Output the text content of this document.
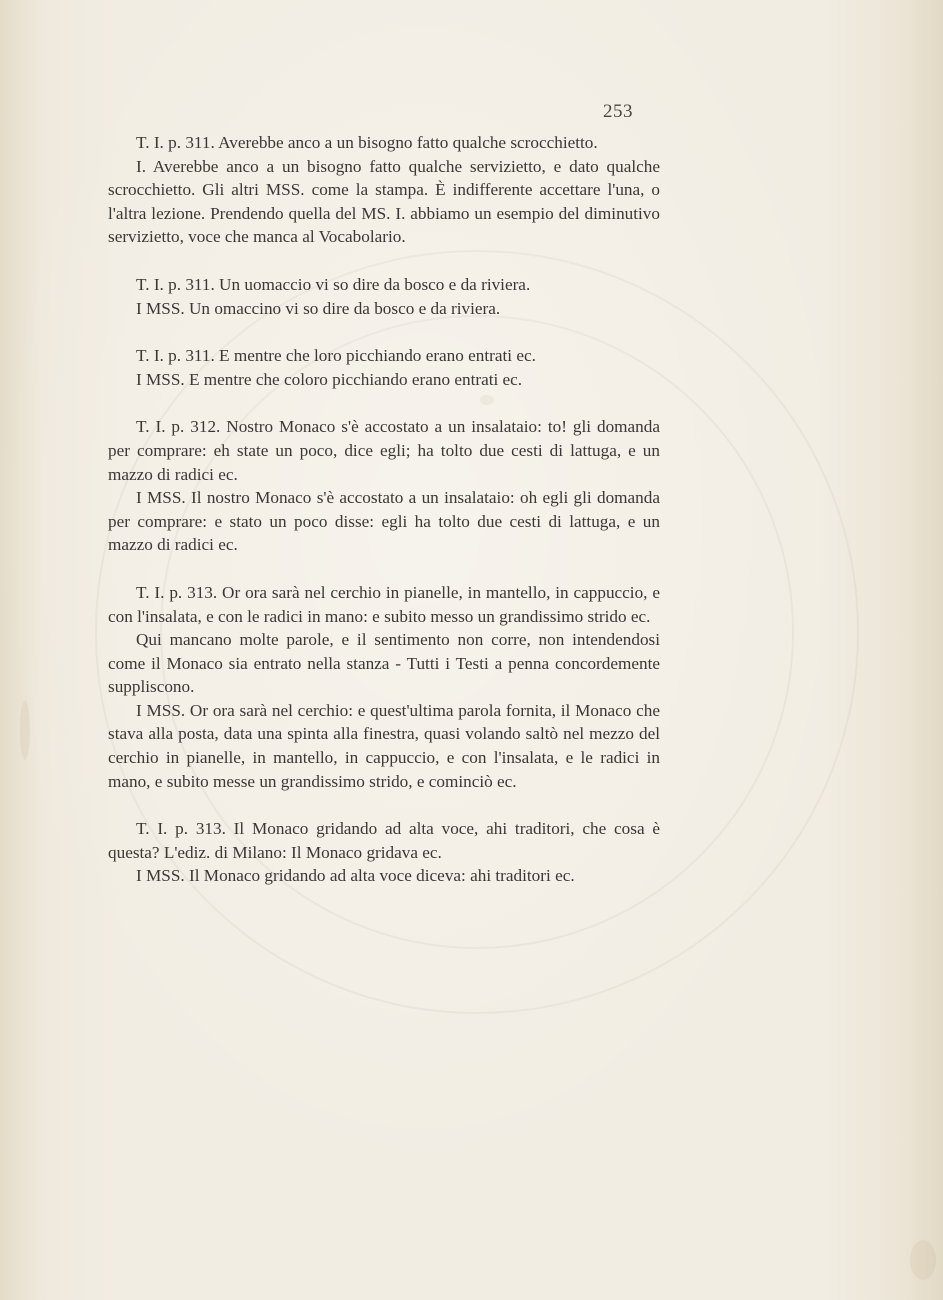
253

T. I. p. 311. Averebbe anco a un bisogno fatto qualche scrocchietto.

I. Averebbe anco a un bisogno fatto qualche servizietto, e dato qualche scrocchietto. Gli altri MSS. come la stampa. È indifferente accettare l'una, o l'altra lezione. Prendendo quella del MS. I. abbiamo un esempio del diminutivo servizietto, voce che manca al Vocabolario.

T. I. p. 311. Un uomaccio vi so dire da bosco e da riviera.

I MSS. Un omaccino vi so dire da bosco e da riviera.

T. I. p. 311. E mentre che loro picchiando erano entrati ec.

I MSS. E mentre che coloro picchiando erano entrati ec.

T. I. p. 312. Nostro Monaco s'è accostato a un insalataio: to! gli domanda per comprare: eh state un poco, dice egli; ha tolto due cesti di lattuga, e un mazzo di radici ec.

I MSS. Il nostro Monaco s'è accostato a un insalataio: oh egli gli domanda per comprare: e stato un poco disse: egli ha tolto due cesti di lattuga, e un mazzo di radici ec.

T. I. p. 313. Or ora sarà nel cerchio in pianelle, in mantello, in cappuccio, e con l'insalata, e con le radici in mano: e subito messo un grandissimo strido ec.

Qui mancano molte parole, e il sentimento non corre, non intendendosi come il Monaco sia entrato nella stanza - Tutti i Testi a penna concordemente suppliscono.

I MSS. Or ora sarà nel cerchio: e quest'ultima parola fornita, il Monaco che stava alla posta, data una spinta alla finestra, quasi volando saltò nel mezzo del cerchio in pianelle, in mantello, in cappuccio, e con l'insalata, e le radici in mano, e subito messe un grandissimo strido, e cominciò ec.

T. I. p. 313. Il Monaco gridando ad alta voce, ahi traditori, che cosa è questa? L'ediz. di Milano: Il Monaco gridava ec.

I MSS. Il Monaco gridando ad alta voce diceva: ahi traditori ec.
